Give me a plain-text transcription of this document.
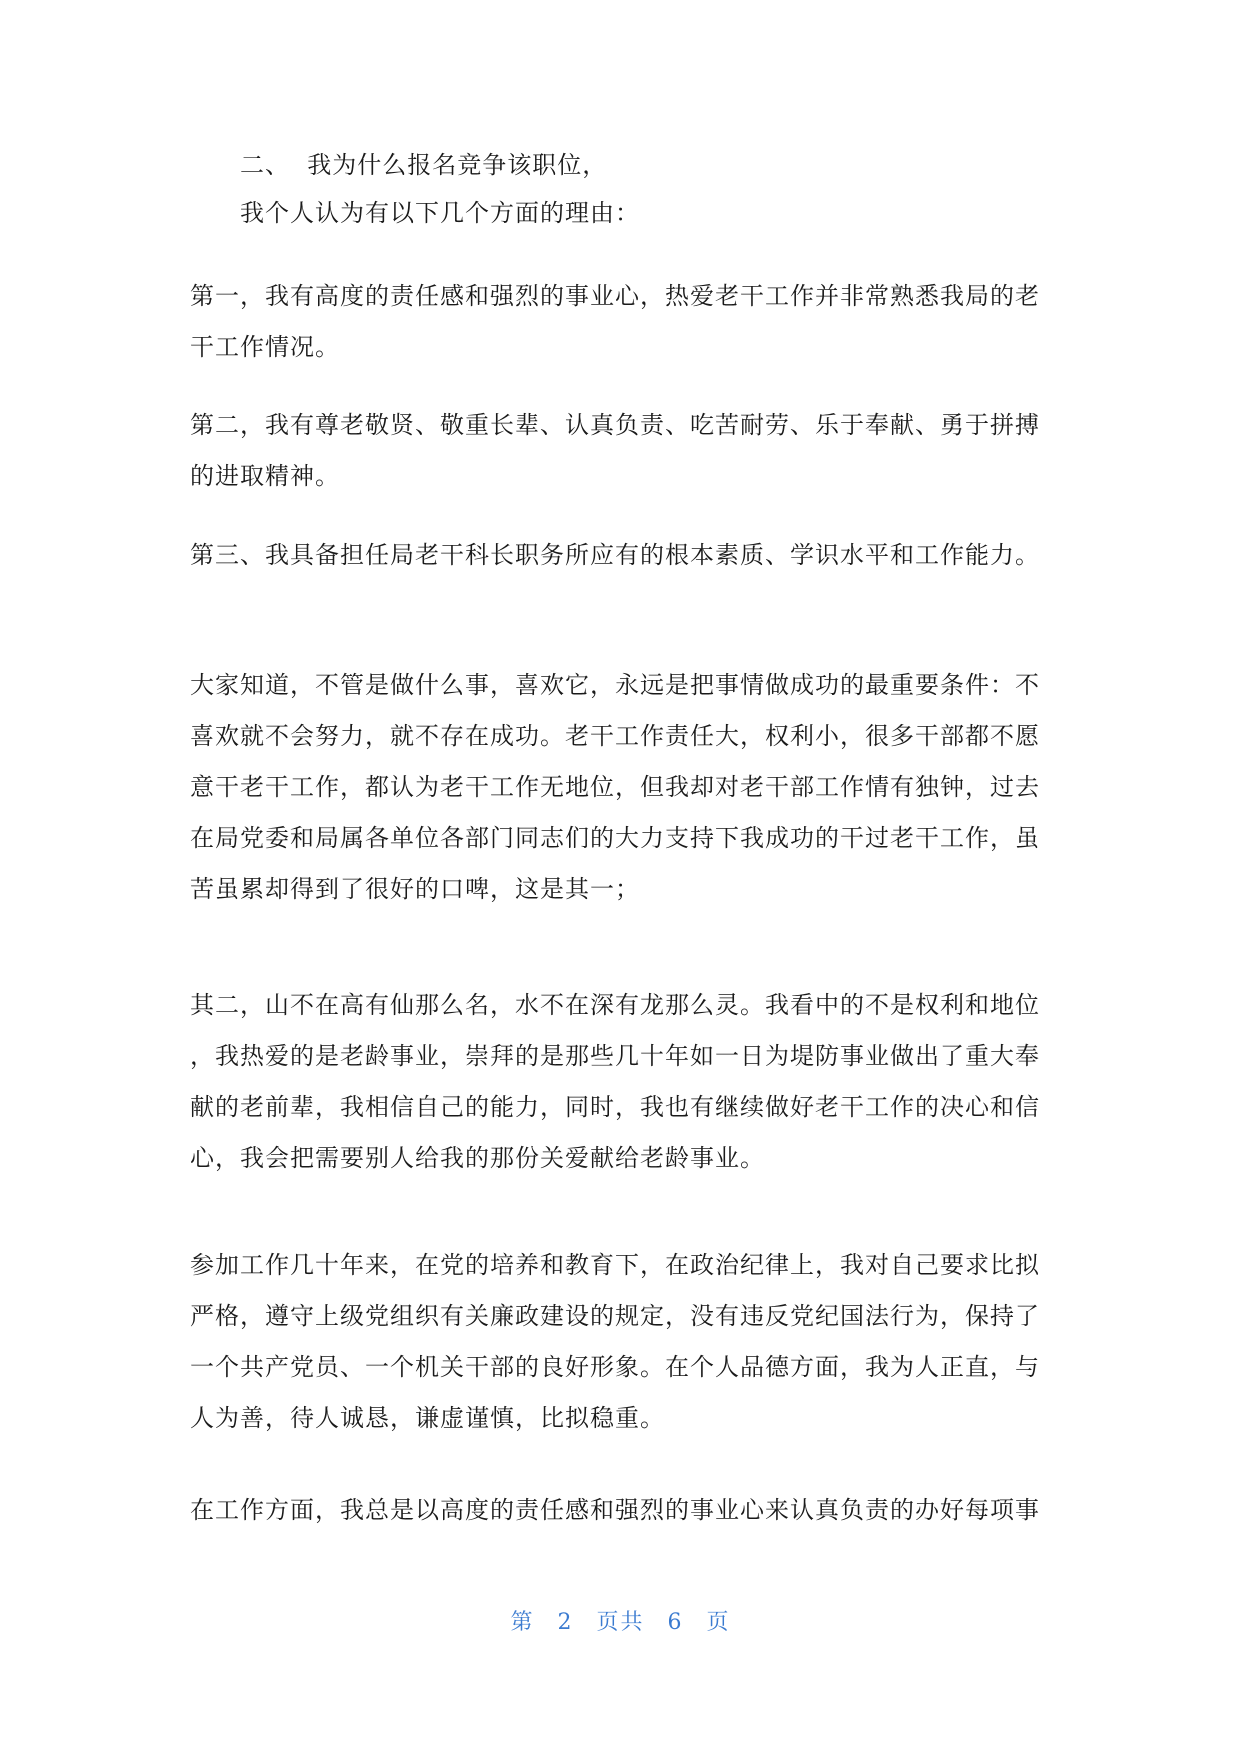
二、  我为什么报名竞争该职位，
我个人认为有以下几个方面的理由：
第一，我有高度的责任感和强烈的事业心，热爱老干工作并非常熟悉我局的老
干工作情况。
第二，我有尊老敬贤、敬重长辈、认真负责、吃苦耐劳、乐于奉献、勇于拼搏
的进取精神。
第三、我具备担任局老干科长职务所应有的根本素质、学识水平和工作能力。
大家知道，不管是做什么事，喜欢它，永远是把事情做成功的最重要条件：不
喜欢就不会努力，就不存在成功。老干工作责任大，权利小，很多干部都不愿
意干老干工作，都认为老干工作无地位，但我却对老干部工作情有独钟，过去
在局党委和局属各单位各部门同志们的大力支持下我成功的干过老干工作，虽
苦虽累却得到了很好的口啤，这是其一；
其二，山不在高有仙那么名，水不在深有龙那么灵。我看中的不是权利和地位
，我热爱的是老龄事业，崇拜的是那些几十年如一日为堤防事业做出了重大奉
献的老前辈，我相信自己的能力，同时，我也有继续做好老干工作的决心和信
心，我会把需要别人给我的那份关爱献给老龄事业。
参加工作几十年来，在党的培养和教育下，在政治纪律上，我对自己要求比拟
严格，遵守上级党组织有关廉政建设的规定，没有违反党纪国法行为，保持了
一个共产党员、一个机关干部的良好形象。在个人品德方面，我为人正直，与
人为善，待人诚恳，谦虚谨慎，比拟稳重。
在工作方面，我总是以高度的责任感和强烈的事业心来认真负责的办好每项事
第 2 页共 6 页
